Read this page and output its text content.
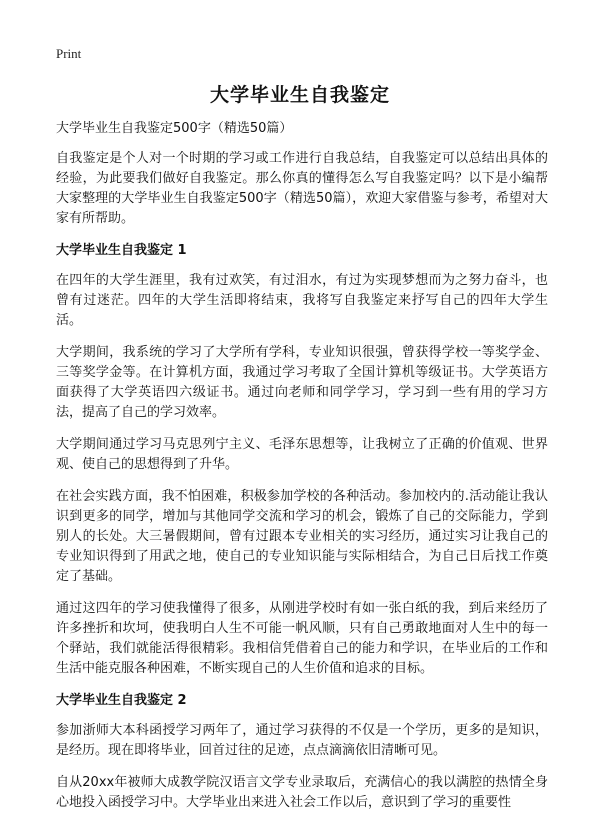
Print
大学毕业生自我鉴定

大学毕业生自我鉴定500字（精选50篇）

自我鉴定是个人对一个时期的学习或工作进行自我总结，自我鉴定可以总结出具体的经验，为此要我们做好自我鉴定。那么你真的懂得怎么写自我鉴定吗？以下是小编帮大家整理的大学毕业生自我鉴定500字（精选50篇），欢迎大家借鉴与参考，希望对大家有所帮助。

大学毕业生自我鉴定 1

在四年的大学生涯里，我有过欢笑，有过泪水，有过为实现梦想而为之努力奋斗，也曾有过迷茫。四年的大学生活即将结束，我将写自我鉴定来抒写自己的四年大学生活。

大学期间，我系统的学习了大学所有学科，专业知识很强，曾获得学校一等奖学金、三等奖学金等。在计算机方面，我通过学习考取了全国计算机等级证书。大学英语方面获得了大学英语四六级证书。通过向老师和同学学习，学习到一些有用的学习方法，提高了自己的学习效率。

大学期间通过学习马克思列宁主义、毛泽东思想等，让我树立了正确的价值观、世界观、使自己的思想得到了升华。

在社会实践方面，我不怕困难，积极参加学校的各种活动。参加校内的.活动能让我认识到更多的同学，增加与其他同学交流和学习的机会，锻炼了自己的交际能力，学到别人的长处。大三暑假期间，曾有过跟本专业相关的实习经历，通过实习让我自己的专业知识得到了用武之地，使自己的专业知识能与实际相结合，为自己日后找工作奠定了基础。

通过这四年的学习使我懂得了很多，从刚进学校时有如一张白纸的我，到后来经历了许多挫折和坎坷，使我明白人生不可能一帆风顺，只有自己勇敢地面对人生中的每一个驿站，我们就能活得很精彩。我相信凭借着自己的能力和学识，在毕业后的工作和生活中能克服各种困难，不断实现自己的人生价值和追求的目标。

大学毕业生自我鉴定 2

参加浙师大本科函授学习两年了，通过学习获得的不仅是一个学历，更多的是知识，是经历。现在即将毕业，回首过往的足迹，点点滴滴依旧清晰可见。

自从20xx年被师大成教学院汉语言文学专业录取后，充满信心的我以满腔的热情全身心地投入函授学习中。大学毕业出来进入社会工作以后，意识到了学习的重要性
